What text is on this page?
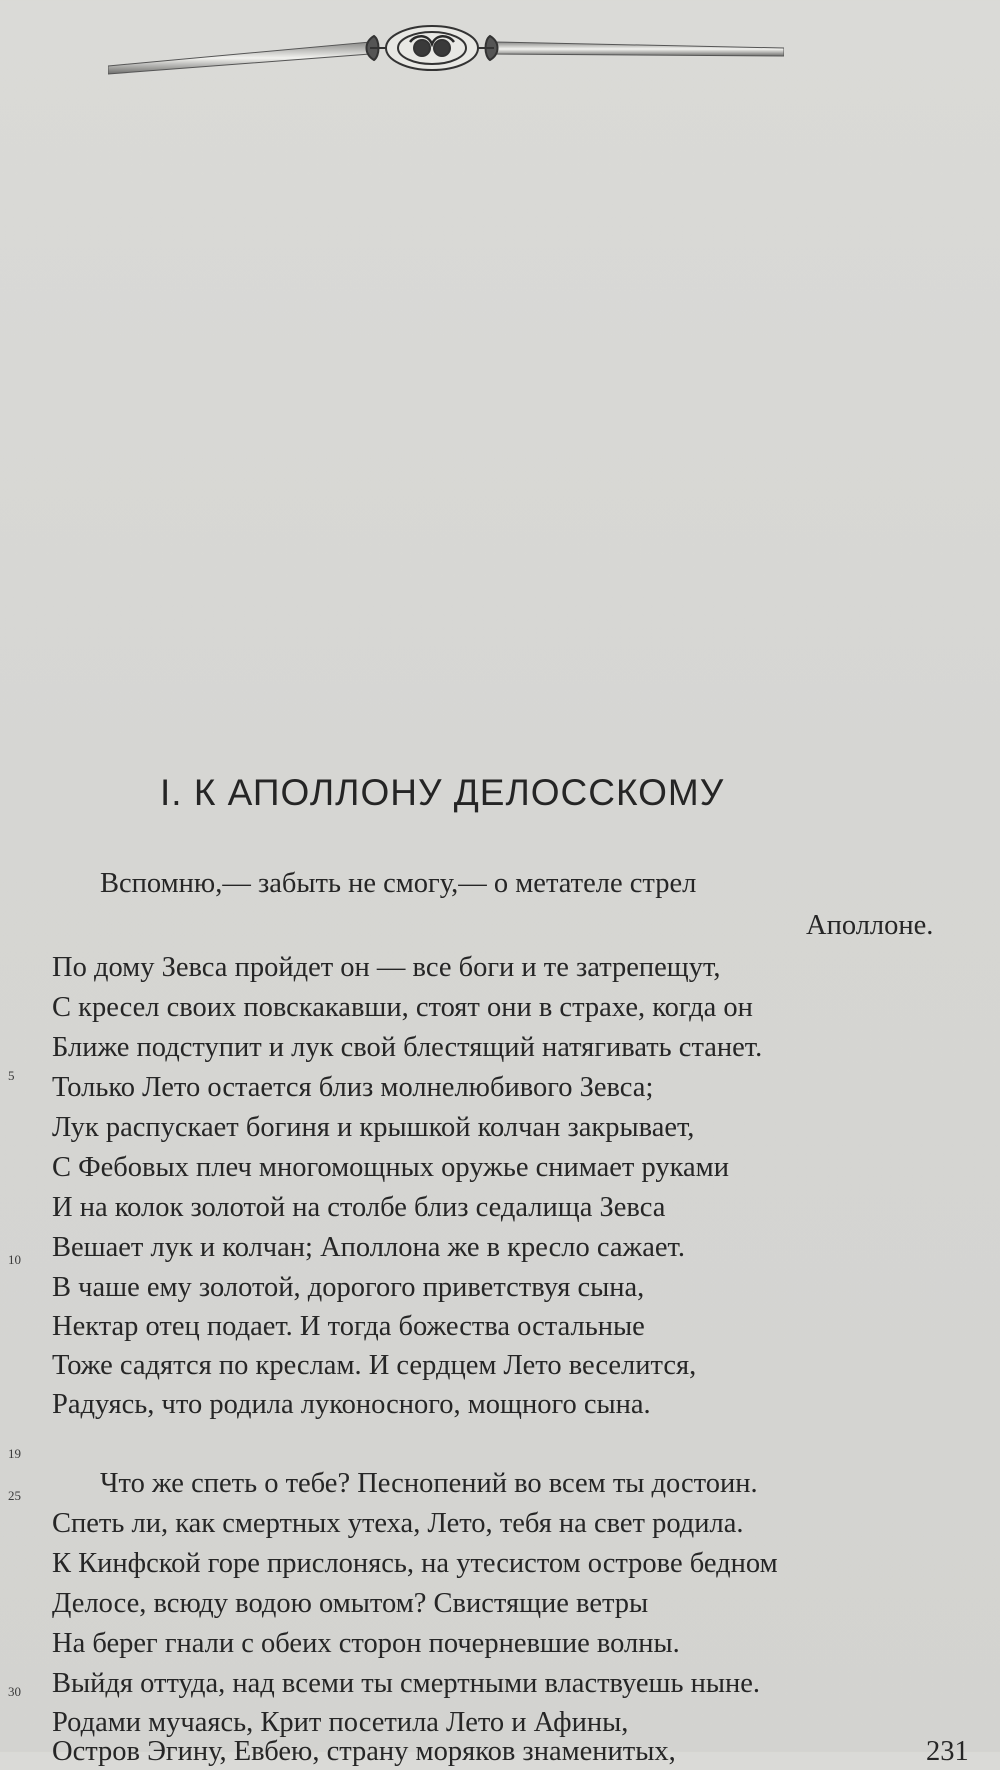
I. К АПОЛЛОНУ ДЕЛОССКОМУ
Вспомню,— забыть не смогу,— о метателе стрел
Аполлоне.
По дому Зевса пройдет он — все боги и те затрепещут,
С кресел своих повскакавши, стоят они в страхе, когда он
Ближе подступит и лук свой блестящий натягивать станет.
Только Лето остается близ молнелюбивого Зевса;
Лук распускает богиня и крышкой колчан закрывает,
С Фебовых плеч многомощных оружье снимает руками
И на колок золотой на столбе близ седалища Зевса
Вешает лук и колчан; Аполлона же в кресло сажает.
В чаше ему золотой, дорогого приветствуя сына,
Нектар отец подает. И тогда божества остальные
Тоже садятся по креслам. И сердцем Лето веселится,
Радуясь, что родила луконосного, мощного сына.
Что же спеть о тебе? Песнопений во всем ты достоин.
Спеть ли, как смертных утеха, Лето, тебя на свет родила.
К Кинфской горе прислонясь, на утесистом острове бедном
Делосе, всюду водою омытом? Свистящие ветры
На берег гнали с обеих сторон почерневшие волны.
Выйдя оттуда, над всеми ты смертными властвуешь ныне.
Родами мучаясь, Крит посетила Лето и Афины,
Остров Эгину, Евбею, страну моряков знаменитых,
5
10
19
25
30
231
